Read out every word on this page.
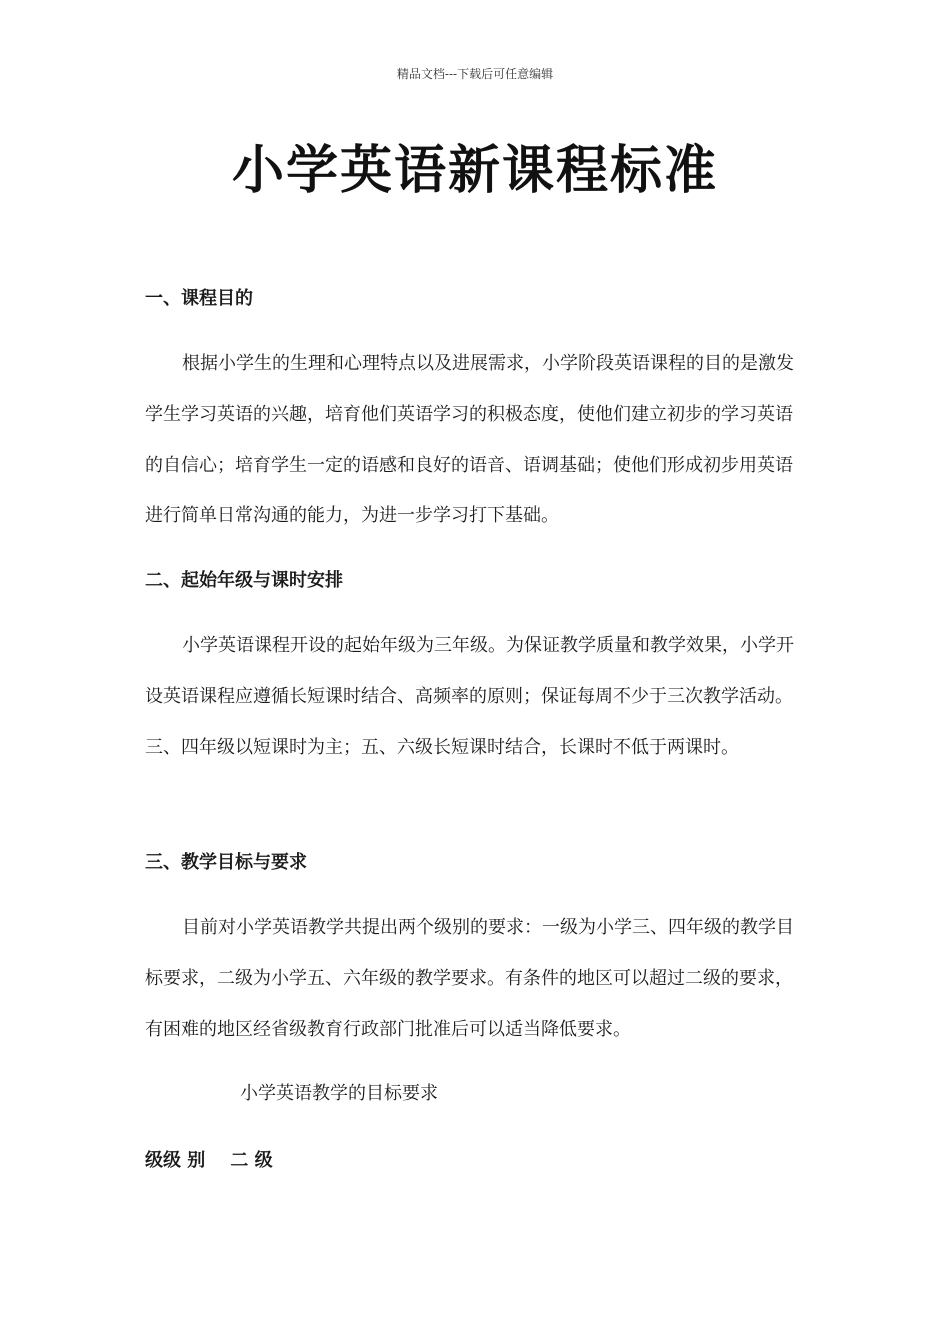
精品文档---下载后可任意编辑
小学英语新课程标准
一、课程目的

根据小学生的生理和心理特点以及进展需求，小学阶段英语课程的目的是激发学生学习英语的兴趣，培育他们英语学习的积极态度，使他们建立初步的学习英语的自信心；培育学生一定的语感和良好的语音、语调基础；使他们形成初步用英语进行简单日常沟通的能力，为进一步学习打下基础。

二、起始年级与课时安排

小学英语课程开设的起始年级为三年级。为保证教学质量和教学效果，小学开设英语课程应遵循长短课时结合、高频率的原则；保证每周不少于三次教学活动。三、四年级以短课时为主；五、六级长短课时结合，长课时不低于两课时。

三、教学目标与要求

目前对小学英语教学共提出两个级别的要求：一级为小学三、四年级的教学目标要求，二级为小学五、六年级的教学要求。有条件的地区可以超过二级的要求，有困难的地区经省级教育行政部门批准后可以适当降低要求。

小学英语教学的目标要求
级级 别    二 级
